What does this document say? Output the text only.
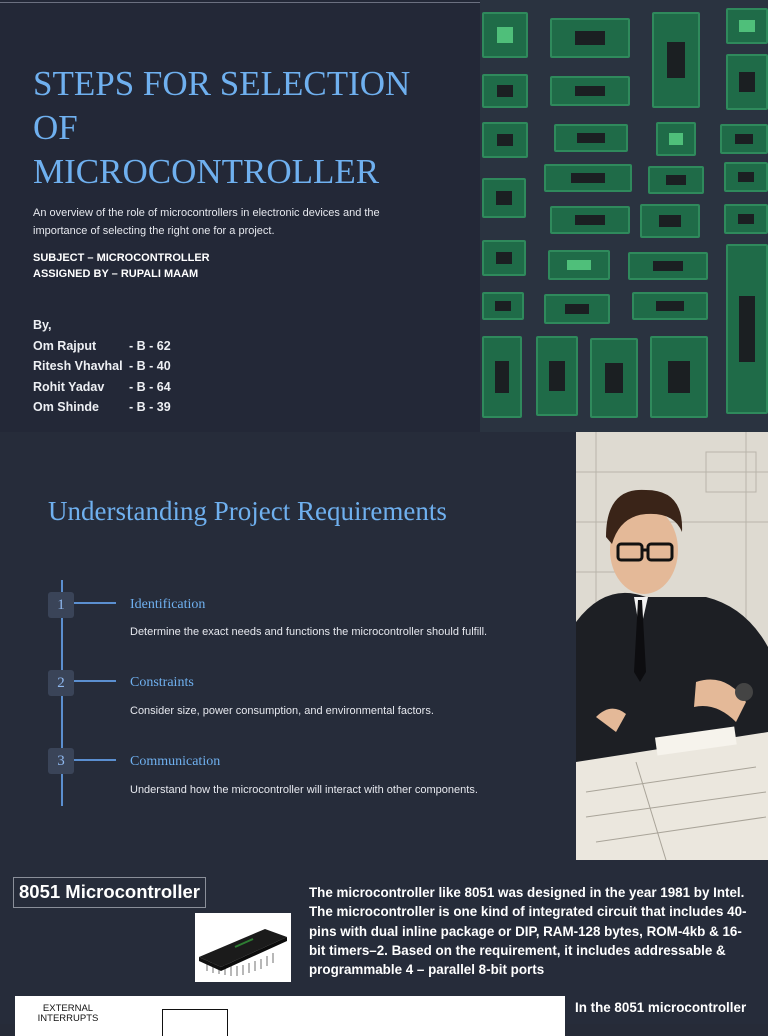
STEPS FOR SELECTION
OF
MICROCONTROLLER

An overview of the role of microcontrollers in electronic devices and the importance of selecting the right one for a project.

SUBJECT – MICROCONTROLLER
ASSIGNED BY – RUPALI MAAM
By,
Om Rajput	- B - 62
Ritesh Vhavhal - B - 40
Rohit Yadav	- B - 64
Om Shinde	- B - 39
Understanding Project Requirements
1	Identification
Determine the exact needs and functions the microcontroller should fulfill.
2	Constraints
Consider size, power consumption, and environmental factors.
3	Communication
Understand how the microcontroller will interact with other components.
8051 Microcontroller	The microcontroller like 8051 was designed in the year 1981 by Intel. The microcontroller is one kind of integrated circuit that includes 40-pins with dual inline package or DIP, RAM-128 bytes, ROM-4kb & 16-bit timers–2. Based on the requirement, it includes addressable & programmable 4 – parallel 8-bit ports

EXTERNAL INTERRUPTS

In the 8051 microcontroller
